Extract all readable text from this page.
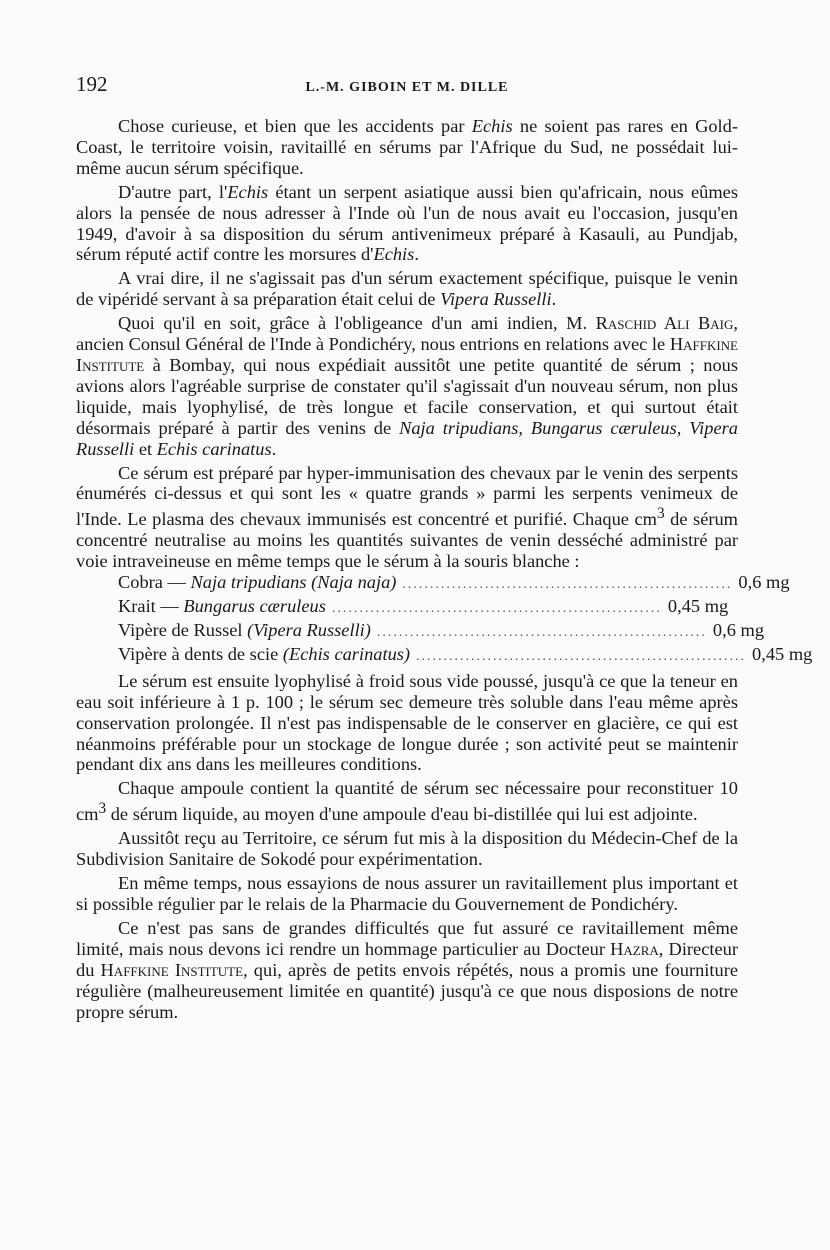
192	L.-M. GIBOIN ET M. DILLE

Chose curieuse, et bien que les accidents par Echis ne soient pas rares en Gold-Coast, le territoire voisin, ravitaillé en sérums par l'Afrique du Sud, ne possédait lui-même aucun sérum spécifique.

D'autre part, l'Echis étant un serpent asiatique aussi bien qu'africain, nous eûmes alors la pensée de nous adresser à l'Inde où l'un de nous avait eu l'occasion, jusqu'en 1949, d'avoir à sa disposition du sérum antivenimeux préparé à Kasauli, au Pundjab, sérum réputé actif contre les morsures d'Echis.

A vrai dire, il ne s'agissait pas d'un sérum exactement spécifique, puisque le venin de vipéridé servant à sa préparation était celui de Vipera Russelli.

Quoi qu'il en soit, grâce à l'obligeance d'un ami indien, M. Raschid Ali Baig, ancien Consul Général de l'Inde à Pondichéry, nous entrions en relations avec le Haffkine Institute à Bombay, qui nous expédiait aussitôt une petite quantité de sérum ; nous avions alors l'agréable surprise de constater qu'il s'agissait d'un nouveau sérum, non plus liquide, mais lyophylisé, de très longue et facile conservation, et qui surtout était désormais préparé à partir des venins de Naja tripudians, Bungarus cæruleus, Vipera Russelli et Echis carinatus.

Ce sérum est préparé par hyper-immunisation des chevaux par le venin des serpents énumérés ci-dessus et qui sont les « quatre grands » parmi les serpents venimeux de l'Inde. Le plasma des chevaux immunisés est concentré et purifié. Chaque $cm^3$ de sérum concentré neutralise au moins les quantités suivantes de venin desséché administré par voie intraveineuse en même temps que le sérum à la souris blanche :

Cobra — Naja tripudians (Naja naja) ............................................................ 0,6 mg
Krait — Bungarus cæruleus ............................................................ 0,45 mg
Vipère de Russel (Vipera Russelli) ............................................................ 0,6 mg
Vipère à dents de scie (Echis carinatus) ............................................................ 0,45 mg

Le sérum est ensuite lyophylisé à froid sous vide poussé, jusqu'à ce que la teneur en eau soit inférieure à 1 p. 100 ; le sérum sec demeure très soluble dans l'eau même après conservation prolongée. Il n'est pas indispensable de le conserver en glacière, ce qui est néanmoins préférable pour un stockage de longue durée ; son activité peut se maintenir pendant dix ans dans les meilleures conditions.

Chaque ampoule contient la quantité de sérum sec nécessaire pour reconstituer 10 $cm^3$ de sérum liquide, au moyen d'une ampoule d'eau bi-distillée qui lui est adjointe.

Aussitôt reçu au Territoire, ce sérum fut mis à la disposition du Médecin-Chef de la Subdivision Sanitaire de Sokodé pour expérimentation.

En même temps, nous essayions de nous assurer un ravitaillement plus important et si possible régulier par le relais de la Pharmacie du Gouvernement de Pondichéry.

Ce n'est pas sans de grandes difficultés que fut assuré ce ravitaillement même limité, mais nous devons ici rendre un hommage particulier au Docteur Hazra, Directeur du Haffkine Institute, qui, après de petits envois répétés, nous a promis une fourniture régulière (malheureusement limitée en quantité) jusqu'à ce que nous disposions de notre propre sérum.
